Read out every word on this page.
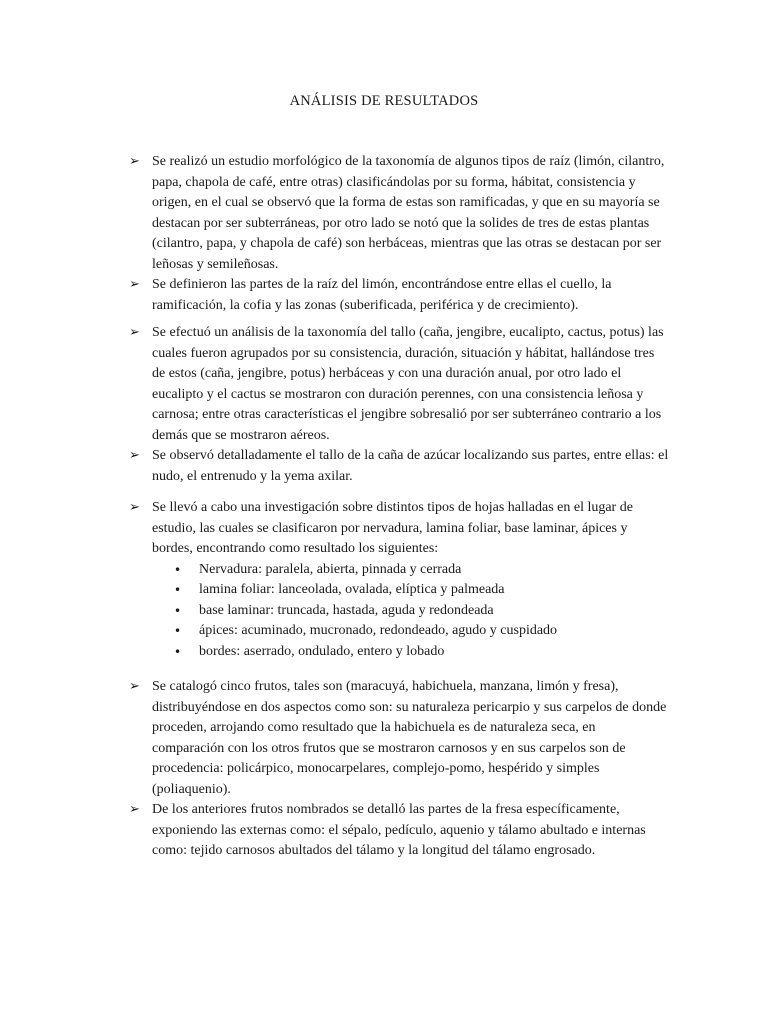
ANÁLISIS DE RESULTADOS
➢ Se realizó un estudio morfológico de la taxonomía de algunos tipos de raíz (limón, cilantro, papa, chapola de café, entre otras) clasificándolas por su forma, hábitat, consistencia y origen, en el cual se observó que la forma de estas son ramificadas, y que en su mayoría se destacan por ser subterráneas, por otro lado se notó que la solides de tres de estas plantas (cilantro, papa, y chapola de café) son herbáceas, mientras que las otras se destacan por ser leñosas y semileñosas.
➢ Se definieron las partes de la raíz del limón, encontrándose entre ellas el cuello, la ramificación, la cofia y las zonas (suberificada, periférica y de crecimiento).
➢ Se efectuó un análisis de la taxonomía del tallo (caña, jengibre, eucalipto, cactus, potus) las cuales fueron agrupados por su consistencia, duración, situación y hábitat, hallándose tres de estos (caña, jengibre, potus) herbáceas y con una duración anual, por otro lado el eucalipto y el cactus se mostraron con duración perennes, con una consistencia leñosa y carnosa; entre otras características el jengibre sobresalió por ser subterráneo contrario a los demás que se mostraron aéreos.
➢ Se observó detalladamente el tallo de la caña de azúcar localizando sus partes, entre ellas: el nudo, el entrenudo y la yema axilar.
➢ Se llevó a cabo una investigación sobre distintos tipos de hojas halladas en el lugar de estudio, las cuales se clasificaron por nervadura, lamina foliar, base laminar, ápices y bordes, encontrando como resultado los siguientes:
• Nervadura: paralela, abierta, pinnada y cerrada
• lamina foliar: lanceolada, ovalada, elíptica y palmeada
• base laminar: truncada, hastada, aguda y redondeada
• ápices: acuminado, mucronado, redondeado, agudo y cuspidado
• bordes: aserrado, ondulado, entero y lobado
➢ Se catalogó cinco frutos, tales son (maracuyá, habichuela, manzana, limón y fresa), distribuyéndose en dos aspectos como son: su naturaleza pericarpio y sus carpelos de donde proceden, arrojando como resultado que la habichuela es de naturaleza seca, en comparación con los otros frutos que se mostraron carnosos y en sus carpelos son de procedencia: policárpico, monocarpelares, complejo-pomo, hespérido y simples (poliaquenio).
➢ De los anteriores frutos nombrados se detalló las partes de la fresa específicamente, exponiendo las externas como: el sépalo, pedículo, aquenio y tálamo abultado e internas como: tejido carnosos abultados del tálamo y la longitud del tálamo engrosado.
